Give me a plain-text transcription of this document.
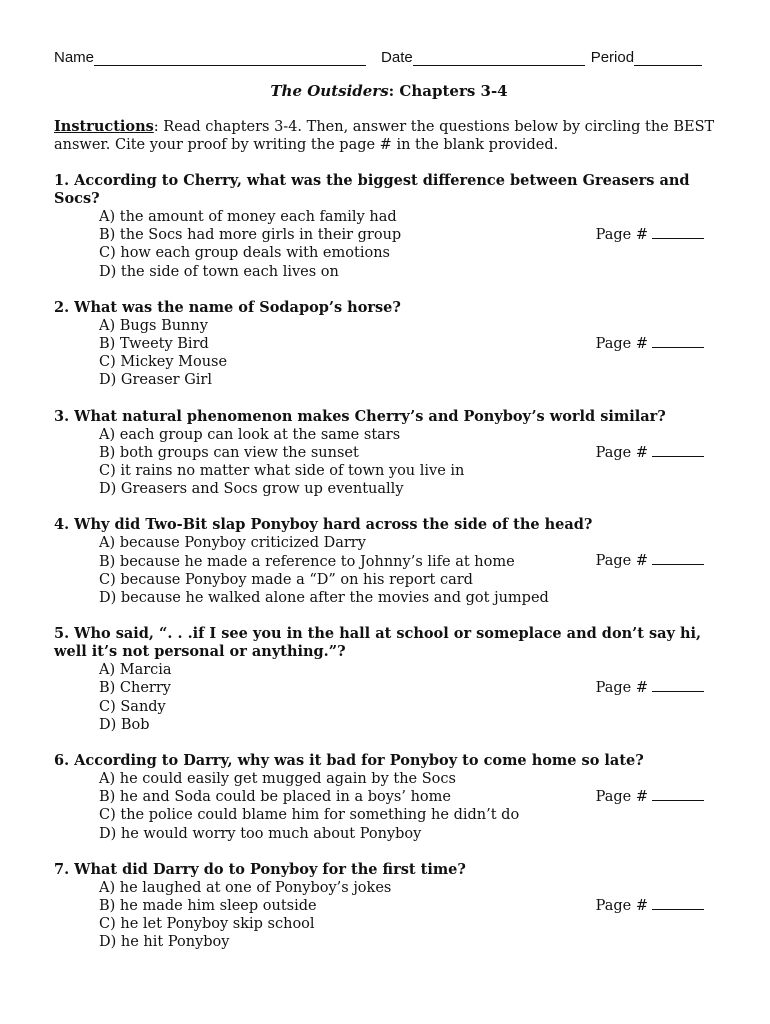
Name	Date	Period
The Outsiders: Chapters 3-4
Instructions: Read chapters 3-4. Then, answer the questions below by circling the BEST answer. Cite your proof by writing the page # in the blank provided.
1. According to Cherry, what was the biggest difference between Greasers and Socs?
A) the amount of money each family had
B) the Socs had more girls in their group
C) how each group deals with emotions
D) the side of town each lives on
Page #
2. What was the name of Sodapop’s horse?
A) Bugs Bunny
B) Tweety Bird
C) Mickey Mouse
D) Greaser Girl
Page #
3. What natural phenomenon makes Cherry’s and Ponyboy’s world similar?
A) each group can look at the same stars
B) both groups can view the sunset
C) it rains no matter what side of town you live in
D) Greasers and Socs grow up eventually
Page #
4. Why did Two-Bit slap Ponyboy hard across the side of the head?
A) because Ponyboy criticized Darry
B) because he made a reference to Johnny’s life at home
C) because Ponyboy made a “D” on his report card
D) because he walked alone after the movies and got jumped
Page #
5. Who said, “. . .if I see you in the hall at school or someplace and don’t say hi, well it’s not personal or anything.”?
A) Marcia
B) Cherry
C) Sandy
D) Bob
Page #
6. According to Darry, why was it bad for Ponyboy to come home so late?
A) he could easily get mugged again by the Socs
B) he and Soda could be placed in a boys’ home
C) the police could blame him for something he didn’t do
D) he would worry too much about Ponyboy
Page #
7. What did Darry do to Ponyboy for the first time?
A) he laughed at one of Ponyboy’s jokes
B) he made him sleep outside
C) he let Ponyboy skip school
D) he hit Ponyboy
Page #
